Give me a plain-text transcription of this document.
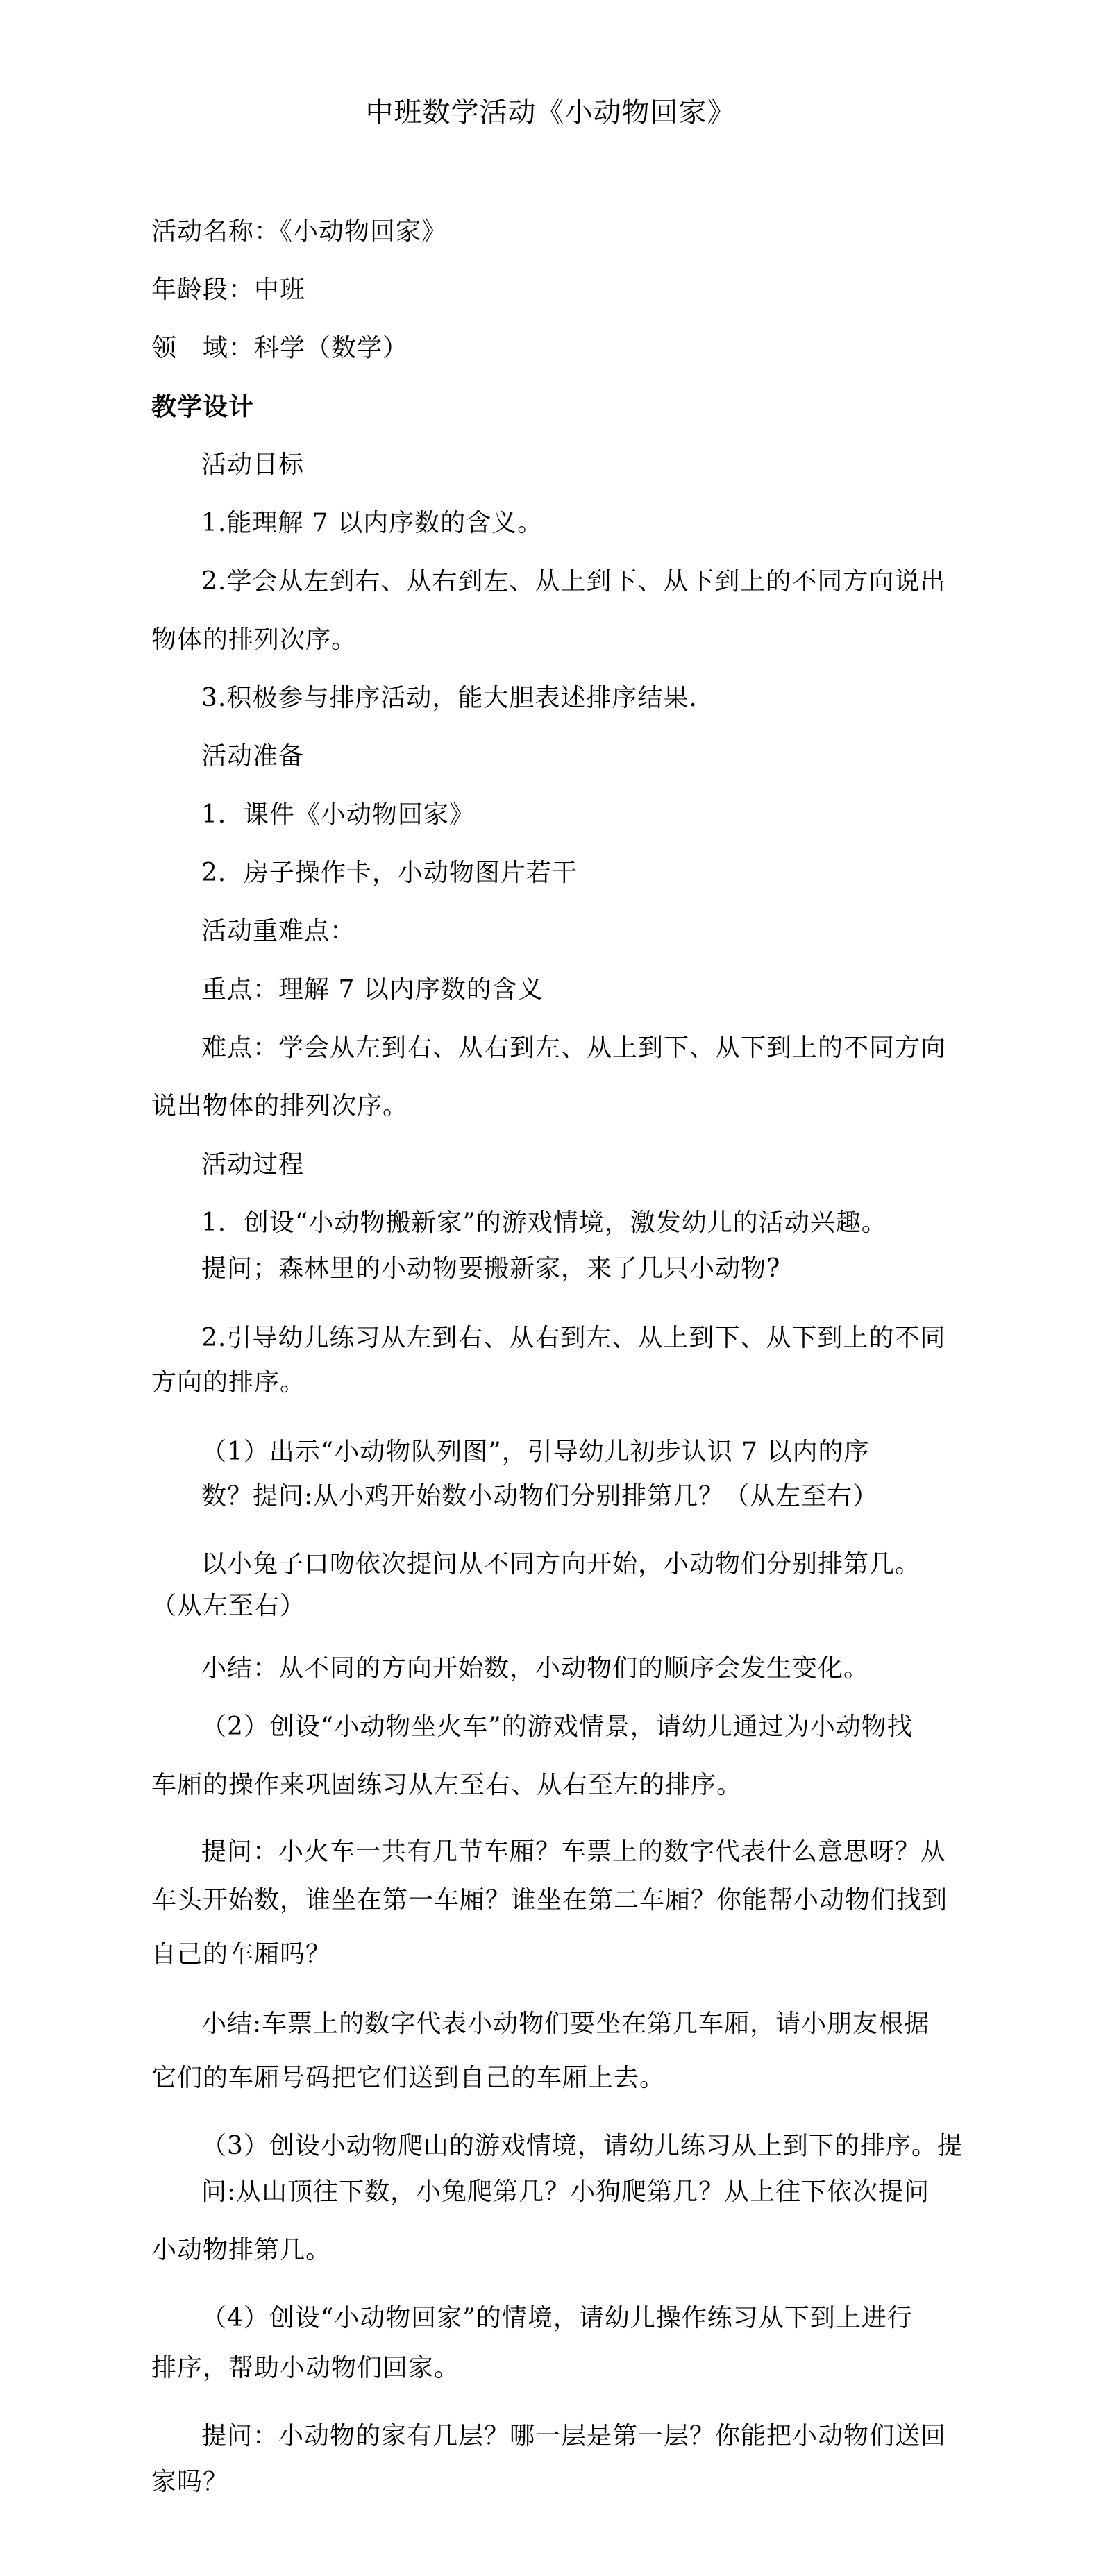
中班数学活动《小动物回家》
活动名称：《小动物回家》
年龄段：中班
领　域：科学（数学）
教学设计
活动目标
1.能理解 7 以内序数的含义。
2.学会从左到右、从右到左、从上到下、从下到上的不同方向说出
物体的排列次序。
3.积极参与排序活动，能大胆表述排序结果.
活动准备
1．课件《小动物回家》
2．房子操作卡，小动物图片若干
活动重难点：
重点：理解 7 以内序数的含义
难点：学会从左到右、从右到左、从上到下、从下到上的不同方向
说出物体的排列次序。
活动过程
1．创设“小动物搬新家”的游戏情境，激发幼儿的活动兴趣。
提问；森林里的小动物要搬新家，来了几只小动物?
2.引导幼儿练习从左到右、从右到左、从上到下、从下到上的不同
方向的排序。
（1）出示“小动物队列图”，引导幼儿初步认识 7 以内的序
数？提问:从小鸡开始数小动物们分别排第几？（从左至右）
以小兔子口吻依次提问从不同方向开始，小动物们分别排第几。
（从左至右）
小结：从不同的方向开始数，小动物们的顺序会发生变化。
（2）创设“小动物坐火车”的游戏情景，请幼儿通过为小动物找
车厢的操作来巩固练习从左至右、从右至左的排序。
提问：小火车一共有几节车厢？车票上的数字代表什么意思呀？从
车头开始数，谁坐在第一车厢？谁坐在第二车厢？你能帮小动物们找到
自己的车厢吗？
小结:车票上的数字代表小动物们要坐在第几车厢，请小朋友根据
它们的车厢号码把它们送到自己的车厢上去。
（3）创设小动物爬山的游戏情境，请幼儿练习从上到下的排序。提
问:从山顶往下数，小兔爬第几？小狗爬第几？从上往下依次提问
小动物排第几。
（4）创设“小动物回家”的情境，请幼儿操作练习从下到上进行
排序，帮助小动物们回家。
提问：小动物的家有几层？哪一层是第一层？你能把小动物们送回
家吗？
